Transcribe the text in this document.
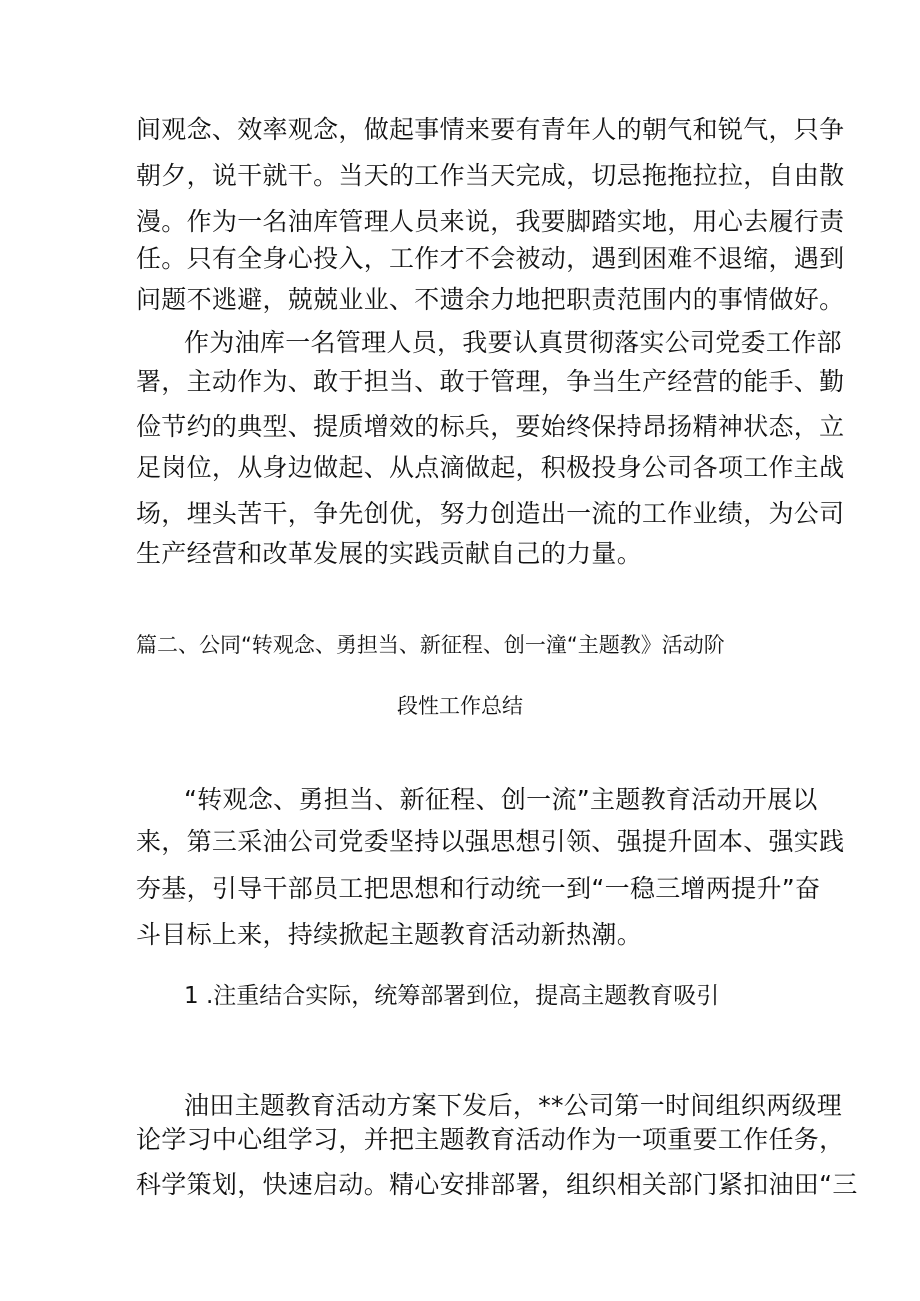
间观念、效率观念，做起事情来要有青年人的朝气和锐气，只争
朝夕，说干就干。当天的工作当天完成，切忌拖拖拉拉，自由散
漫。作为一名油库管理人员来说，我要脚踏实地，用心去履行责
任。只有全身心投入，工作才不会被动，遇到困难不退缩，遇到
问题不逃避，兢兢业业、不遗余力地把职责范围内的事情做好。
作为油库一名管理人员，我要认真贯彻落实公司党委工作部
署，主动作为、敢于担当、敢于管理，争当生产经营的能手、勤
俭节约的典型、提质增效的标兵，要始终保持昂扬精神状态，立
足岗位，从身边做起、从点滴做起，积极投身公司各项工作主战
场，埋头苦干，争先创优，努力创造出一流的工作业绩，为公司
生产经营和改革发展的实践贡献自己的力量。
篇二、公同“转观念、勇担当、新征程、创一潼“主题教》活动阶
段性工作总结
“转观念、勇担当、新征程、创一流”主题教育活动开展以
来，第三采油公司党委坚持以强思想引领、强提升固本、强实践
夯基，引导干部员工把思想和行动统一到“一稳三增两提升”奋
斗目标上来，持续掀起主题教育活动新热潮。
1 .注重结合实际，统筹部署到位，提高主题教育吸引
油田主题教育活动方案下发后，**公司第一时间组织两级理
论学习中心组学习，并把主题教育活动作为一项重要工作任务，
科学策划，快速启动。精心安排部署，组织相关部门紧扣油田“三
